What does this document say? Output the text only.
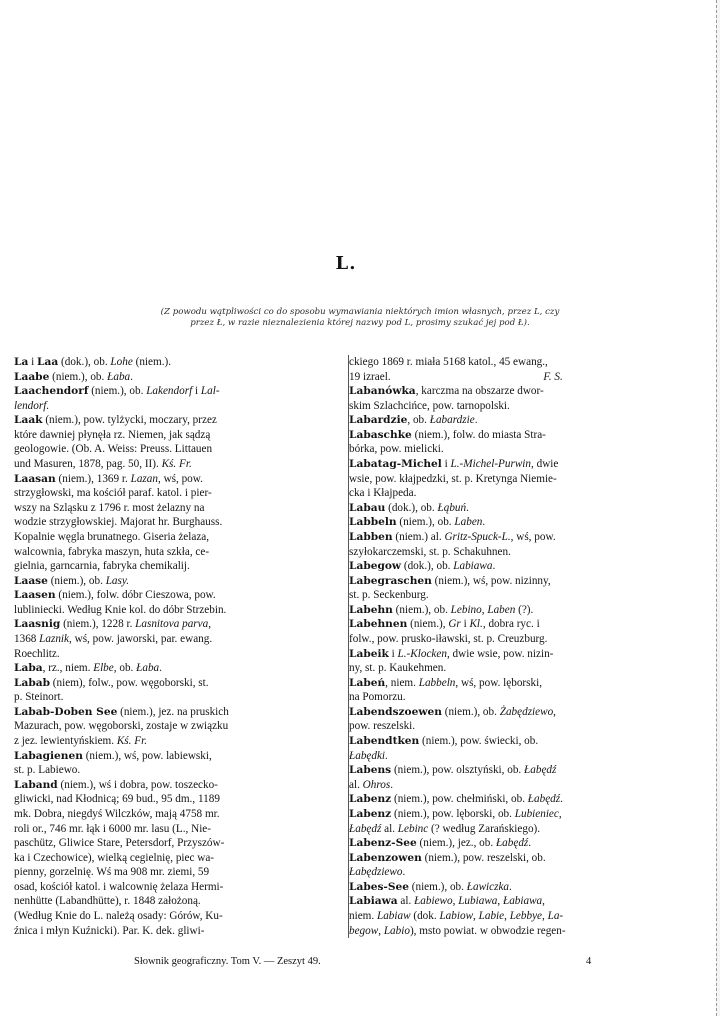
L.
(Z powodu wątpliwości co do sposobu wymawiania niektórych imion własnych, przez L, czy
przez Ł, w razie nieznalezienia której nazwy pod L, prosimy szukać jej pod Ł).
La i Laa (dok.), ob. Lohe (niem.).
Laabe (niem.), ob. Łaba.
Laachendorf (niem.), ob. Lakendorf i Lal-
lendorf.
Laak (niem.), pow. tylżycki, moczary, przez
które dawniej płynęła rz. Niemen, jak sądzą
geologowie. (Ob. A. Weiss: Preuss. Littauen
und Masuren, 1878, pag. 50, II). Kś. Fr.
Laasan (niem.), 1369 r. Lazan, wś, pow.
strzygłowski, ma kościół paraf. katol. i pier-
wszy na Szląsku z 1796 r. most żelazny na
wodzie strzygłowskiej. Majorat hr. Burghauss.
Kopalnie węgla brunatnego. Giseria żelaza,
walcownia, fabryka maszyn, huta szkła, ce-
gielnia, garncarnia, fabryka chemikalij.
Laase (niem.), ob. Lasy.
Laasen (niem.), folw. dóbr Cieszowa, pow.
lubliniecki. Według Knie kol. do dóbr Strzebin.
Laasnig (niem.), 1228 r. Lasnitova parva,
1368 Laznik, wś, pow. jaworski, par. ewang.
Roechlitz.
Laba, rz., niem. Elbe, ob. Łaba.
Labab (niem), folw., pow. węgoborski, st.
p. Steinort.
Labab-Doben See (niem.), jez. na pruskich
Mazurach, pow. węgoborski, zostaje w związku
z jez. lewientyńskiem. Kś. Fr.
Labagienen (niem.), wś, pow. labiewski,
st. p. Labiewo.
Laband (niem.), wś i dobra, pow. toszecko-
gliwicki, nad Kłodnicą; 69 bud., 95 dm., 1189
mk. Dobra, niegdyś Wilczków, mają 4758 mr.
roli or., 746 mr. łąk i 6000 mr. lasu (L., Nie-
paschütz, Gliwice Stare, Petersdorf, Przyszów-
ka i Czechowice), wielką cegielnię, piec wa-
pienny, gorzelnię. Wś ma 908 mr. ziemi, 59
osad, kościół katol. i walcownię żelaza Hermi-
nenhütte (Labandhütte), r. 1848 założoną.
(Według Knie do L. należą osady: Górów, Ku-
źnica i młyn Kuźnicki). Par. K. dek. gliwi-
ckiego 1869 r. miała 5168 katol., 45 ewang.,
19 izrael.	F. S.
Labanówka, karczma na obszarze dwor-
skim Szlachcińce, pow. tarnopolski.
Labardzie, ob. Łabardzie.
Labaschke (niem.), folw. do miasta Stra-
bórka, pow. mielicki.
Labatag-Michel i L.-Michel-Purwin, dwie
wsie, pow. kłajpedzki, st. p. Kretynga Niemie-
cka i Kłajpeda.
Labau (dok.), ob. Łąbuń.
Labbeln (niem.), ob. Laben.
Labben (niem.) al. Gritz-Spuck-L., wś, pow.
szyłokarczemski, st. p. Schakuhnen.
Labegow (dok.), ob. Labiawa.
Labegraschen (niem.), wś, pow. nizinny,
st. p. Seckenburg.
Labehn (niem.), ob. Lebino, Laben (?).
Labehnen (niem.), Gr i Kl., dobra ryc. i
folw., pow. prusko-iławski, st. p. Creuzburg.
Labeik i L.-Klocken, dwie wsie, pow. nizin-
ny, st. p. Kaukehmen.
Labeń, niem. Labbeln, wś, pow. lęborski,
na Pomorzu.
Labendszoewen (niem.), ob. Żabędziewo,
pow. reszelski.
Labendtken (niem.), pow. świecki, ob.
Łabędki.
Labens (niem.), pow. olsztyński, ob. Łabędź
al. Ohros.
Labenz (niem.), pow. chełmiński, ob. Łabędź.
Labenz (niem.), pow. lęborski, ob. Lubieniec,
Łabędź al. Lebinc (? według Zarańskiego).
Labenz-See (niem.), jez., ob. Łabędź.
Labenzowen (niem.), pow. reszelski, ob.
Łabędziewo.
Labes-See (niem.), ob. Ławiczka.
Labiawa al. Łabiewo, Lubiawa, Łabiawa,
niem. Labiaw (dok. Labiow, Labie, Lebbye, La-
begow, Labio), msto powiat. w obwodzie regen-
Słownik geograficzny. Tom V. — Zeszyt 49.	4
